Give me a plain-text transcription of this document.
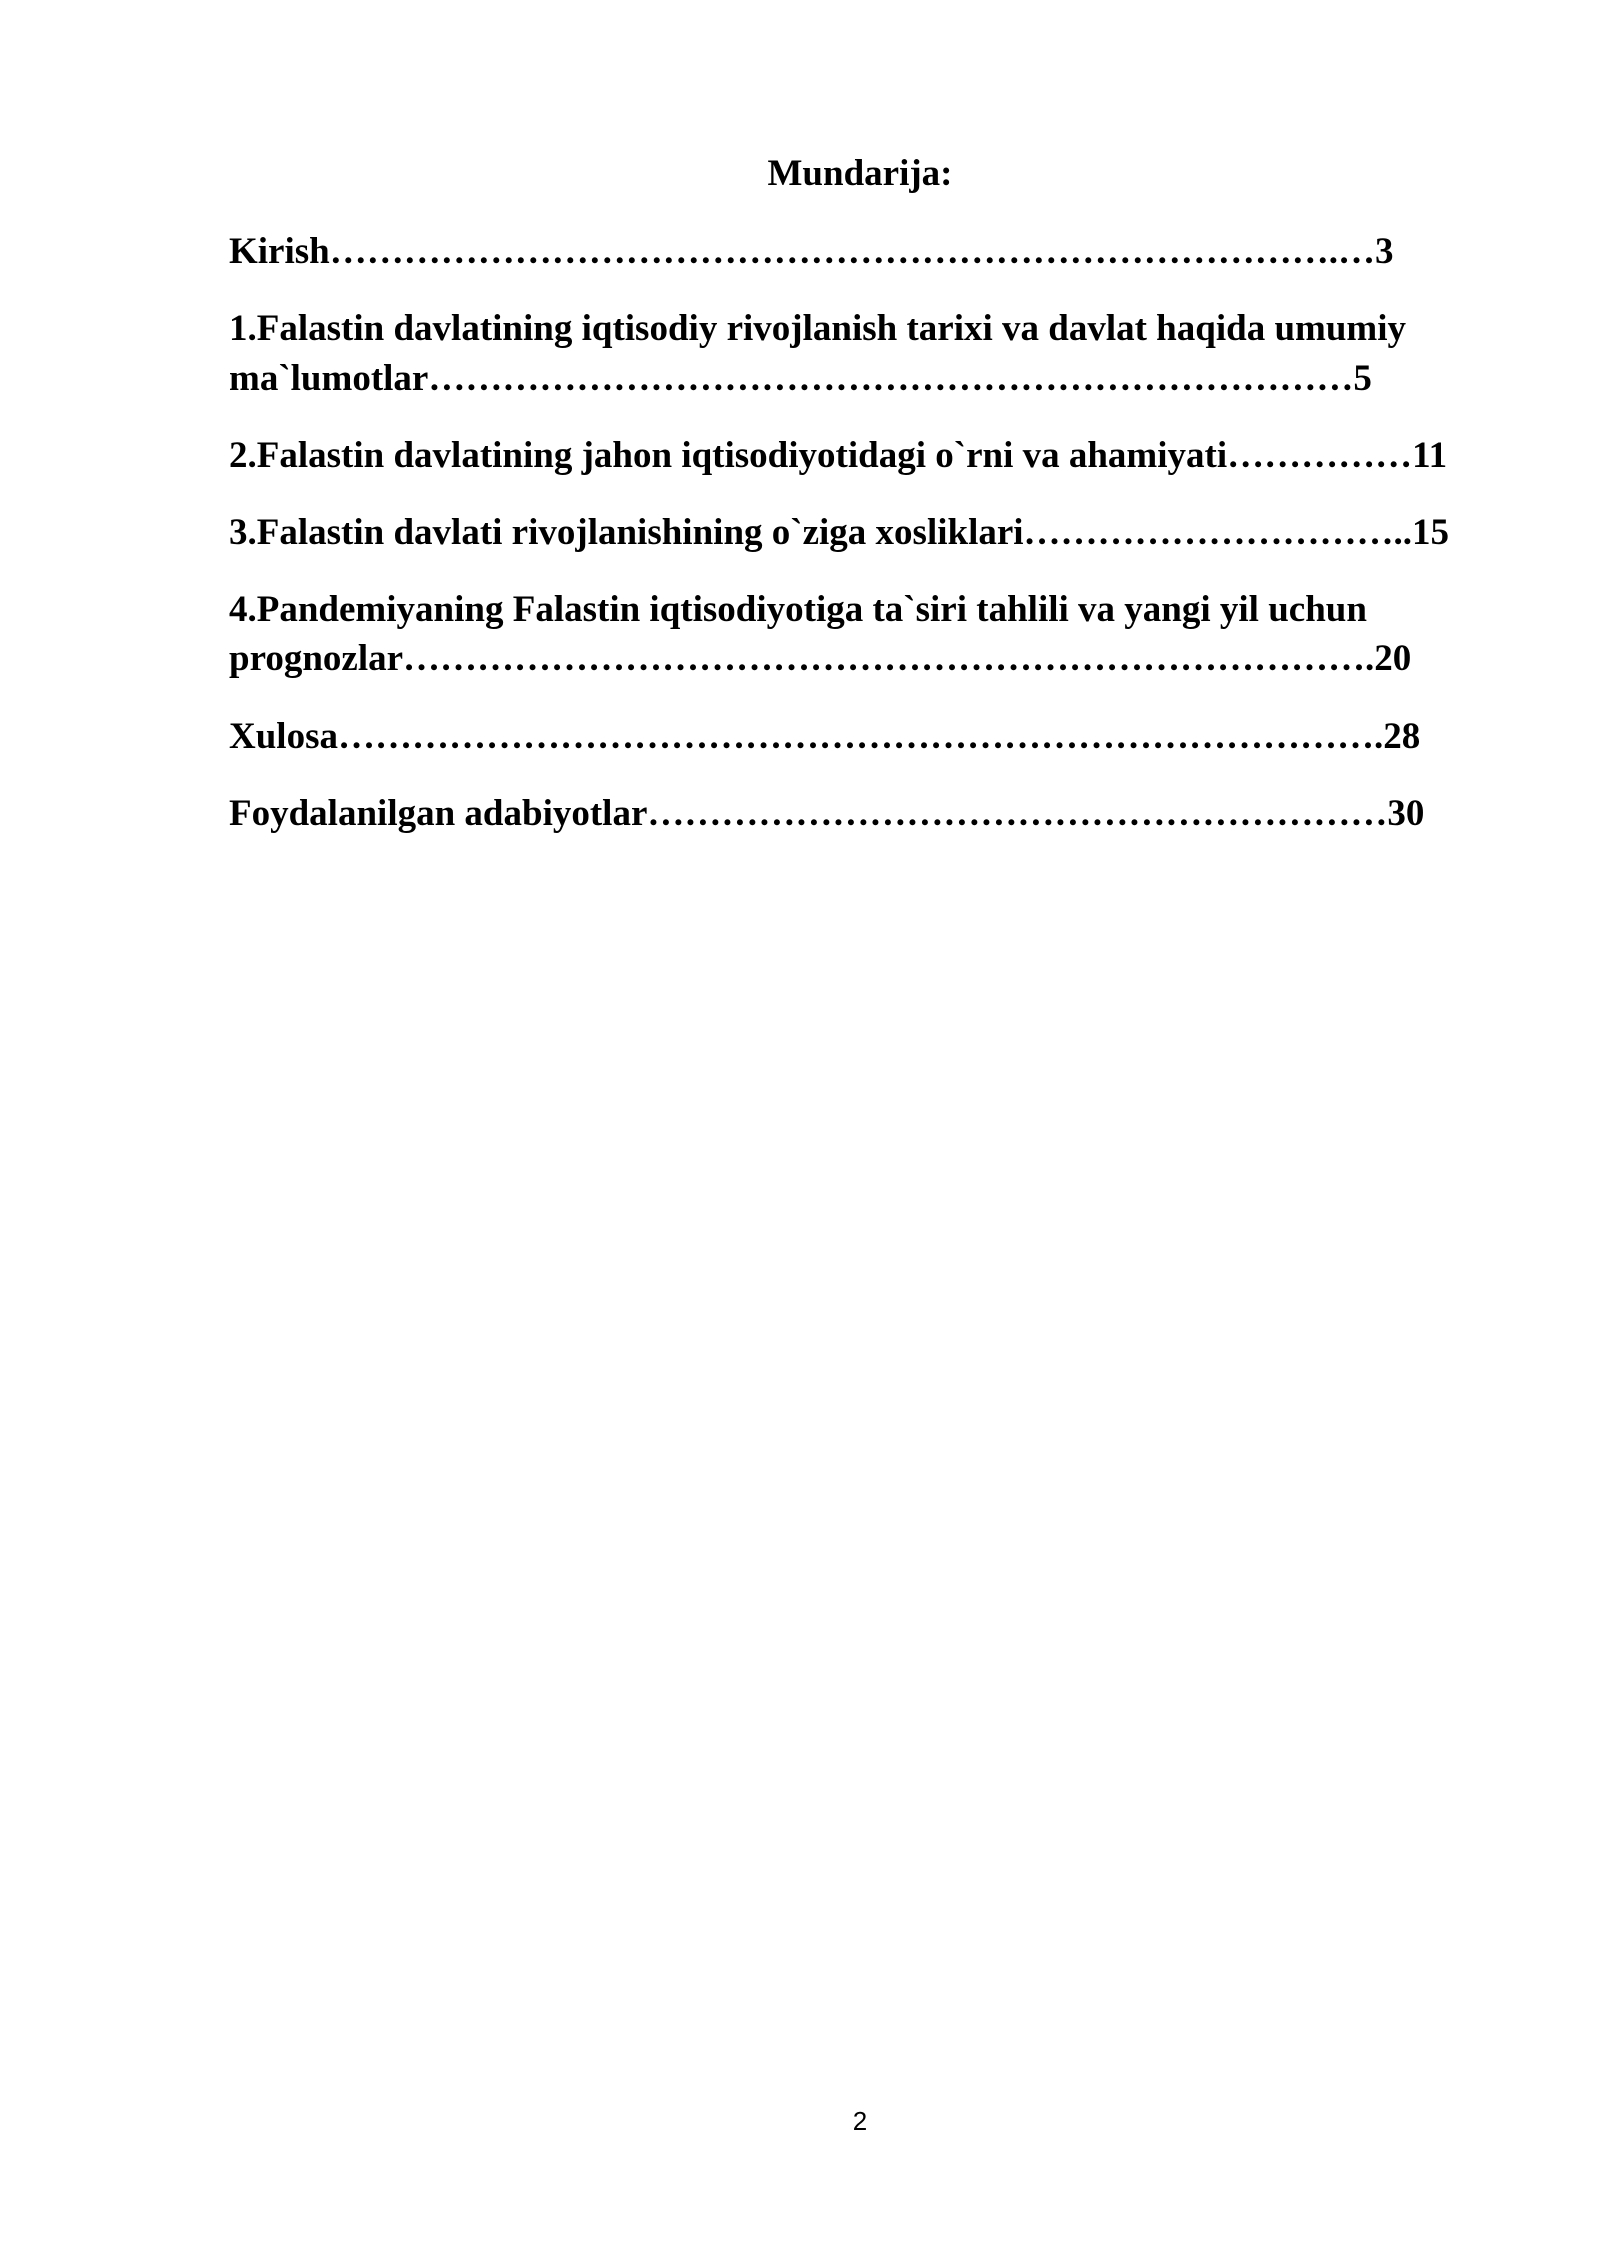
Mundarija:
Kirish……………………………………………………………………….…3
1.Falastin davlatining iqtisodiy rivojlanish tarixi va davlat haqida umumiy
ma`lumotlar…………………………………………………………………5
2.Falastin davlatining jahon iqtisodiyotidagi o`rni va ahamiyati……………11
3.Falastin davlati rivojlanishining o`ziga xosliklari…………………………..15
4.Pandemiyaning Falastin iqtisodiyotiga ta`siri tahlili va yangi yil uchun
prognozlar…………………………………………………………………….20
Xulosa………………………………………………………………………….28
Foydalanilgan adabiyotlar……………………………………………………30
2
